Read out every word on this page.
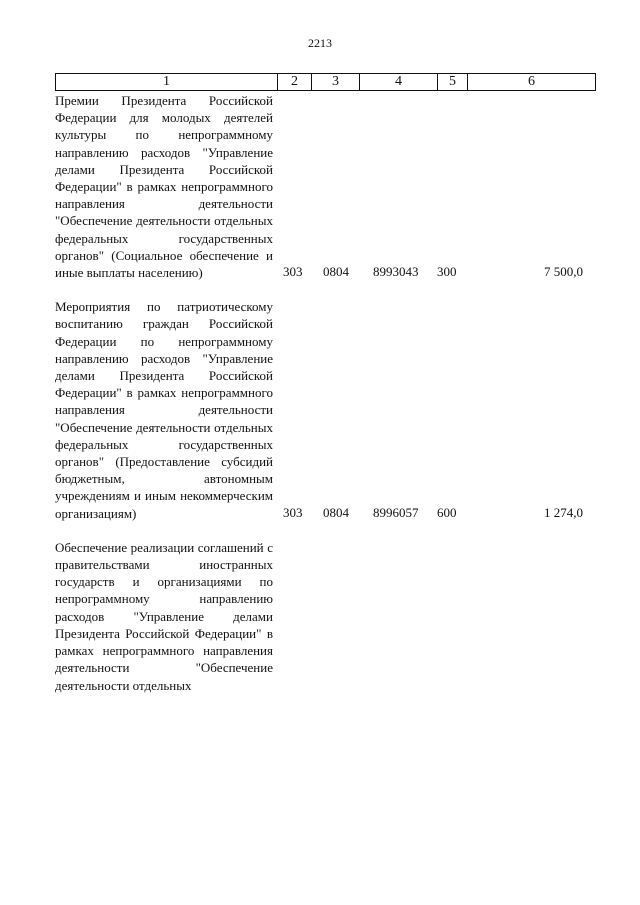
2213
1	2	3	4	5	6
Премии Президента Российской Федерации для молодых деятелей культуры по непрограммному направлению расходов "Управление делами Президента Российской Федерации" в рамках непрограммного направления деятельности "Обеспечение деятельности отдельных федеральных государственных органов" (Социальное обеспечение и иные выплаты населению)	303	0804	8993043	300	7 500,0
Мероприятия по патриотическому воспитанию граждан Российской Федерации по непрограммному направлению расходов "Управление делами Президента Российской Федерации" в рамках непрограммного направления деятельности "Обеспечение деятельности отдельных федеральных государственных органов" (Предоставление субсидий бюджетным, автономным учреждениям и иным некоммерческим организациям)	303	0804	8996057	600	1 274,0
Обеспечение реализации соглашений с правительствами иностранных государств и организациями по непрограммному направлению расходов "Управление делами Президента Российской Федерации" в рамках непрограммного направления деятельности "Обеспечение деятельности отдельных
